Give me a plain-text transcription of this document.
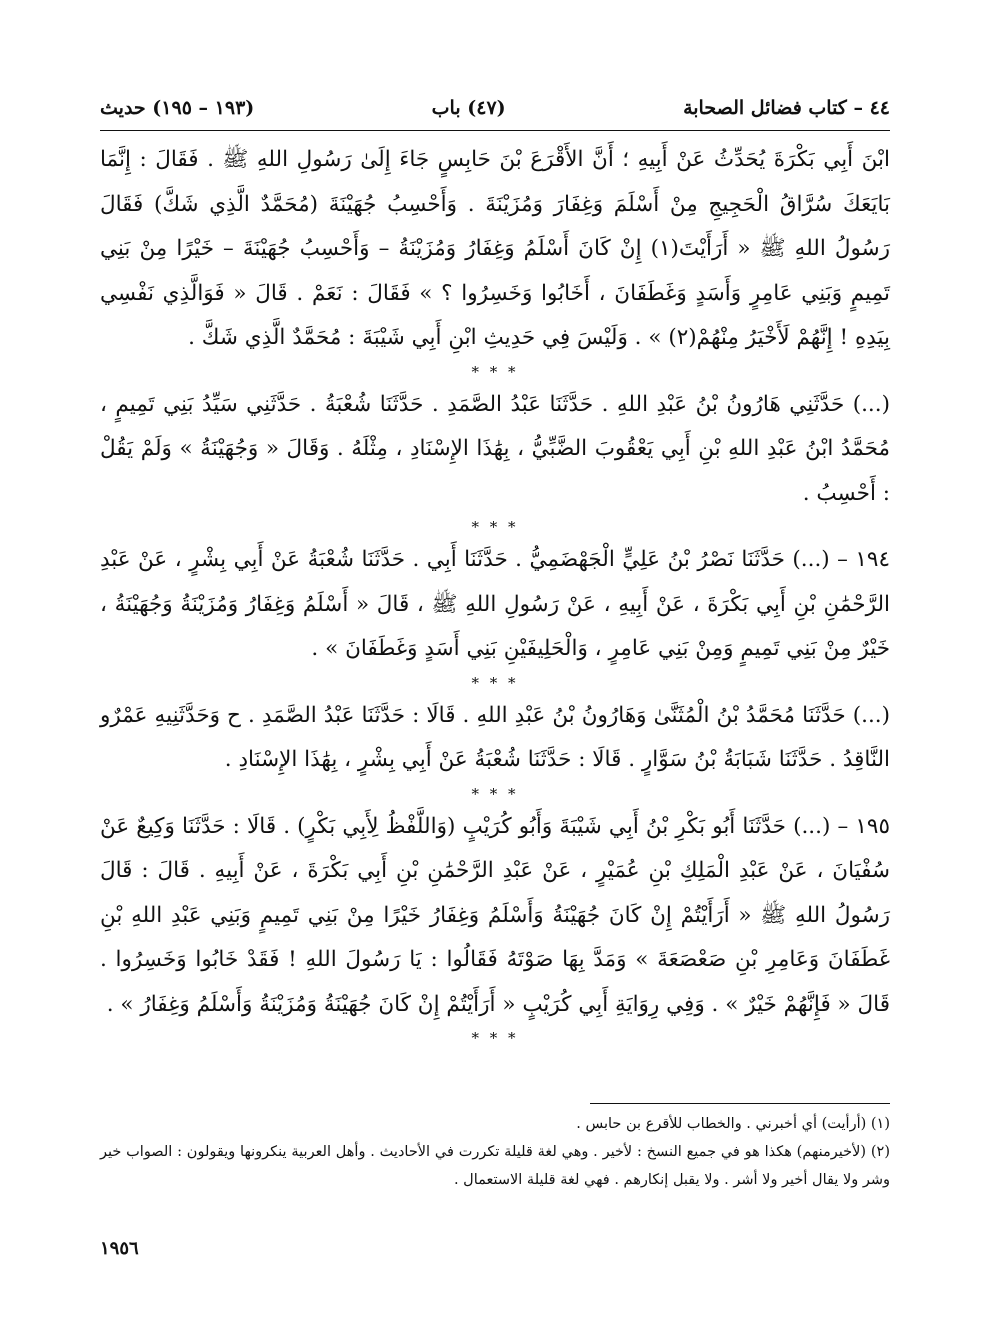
٤٤ – كتاب فضائل الصحابة
(٤٧) باب
(١٩٣ – ١٩٥) حديث

ابْنَ أَبِي بَكْرَةَ يُحَدِّثُ عَنْ أَبِيهِ ؛ أَنَّ الأَقْرَعَ بْنَ حَابِسٍ جَاءَ إِلَىٰ رَسُولِ اللهِ ﷺ . فَقَالَ : إِنَّمَا بَايَعَكَ سُرَّاقُ الْحَجِيجِ مِنْ أَسْلَمَ وَغِفَارَ وَمُزَيْنَةَ . وَأَحْسِبُ جُهَيْنَةَ (مُحَمَّدٌ الَّذِي شَكَّ) فَقَالَ رَسُولُ اللهِ ﷺ « أَرَأَيْتَ(١) إِنْ كَانَ أَسْلَمُ وَغِفَارُ وَمُزَيْنَةُ – وَأَحْسِبُ جُهَيْنَةَ – خَيْرًا مِنْ بَنِي تَمِيمٍ وَبَنِي عَامِرٍ وَأَسَدٍ وَغَطَفَانَ ، أَخَابُوا وَخَسِرُوا ؟ » فَقَالَ : نَعَمْ . قَالَ « فَوَالَّذِي نَفْسِي بِيَدِهِ ! إِنَّهُمْ لَأَخْيَرُ مِنْهُمْ(٢) » . وَلَيْسَ فِي حَدِيثِ ابْنِ أَبِي شَيْبَةَ : مُحَمَّدٌ الَّذِي شَكَّ .

* * *

(...) حَدَّثَنِي هَارُونُ بْنُ عَبْدِ اللهِ . حَدَّثَنَا عَبْدُ الصَّمَدِ . حَدَّثَنَا شُعْبَةُ . حَدَّثَنِي سَيِّدُ بَنِي تَمِيمٍ ، مُحَمَّدُ ابْنُ عَبْدِ اللهِ بْنِ أَبِي يَعْقُوبَ الضَّبِّيُّ ، بِهَٰذَا الإِسْنَادِ ، مِثْلَهُ . وَقَالَ « وَجُهَيْنَةُ » وَلَمْ يَقُلْ : أَحْسِبُ .

* * *

١٩٤ – (...) حَدَّثَنَا نَصْرُ بْنُ عَلِيٍّ الْجَهْضَمِيُّ . حَدَّثَنَا أَبِي . حَدَّثَنَا شُعْبَةُ عَنْ أَبِي بِشْرٍ ، عَنْ عَبْدِ الرَّحْمَٰنِ بْنِ أَبِي بَكْرَةَ ، عَنْ أَبِيهِ ، عَنْ رَسُولِ اللهِ ﷺ ، قَالَ « أَسْلَمُ وَغِفَارُ وَمُزَيْنَةُ وَجُهَيْنَةُ ، خَيْرٌ مِنْ بَنِي تَمِيمٍ وَمِنْ بَنِي عَامِرٍ ، وَالْحَلِيفَيْنِ بَنِي أَسَدٍ وَغَطَفَانَ » .

* * *

(...) حَدَّثَنَا مُحَمَّدُ بْنُ الْمُثَنَّىٰ وَهَارُونُ بْنُ عَبْدِ اللهِ . قَالَا : حَدَّثَنَا عَبْدُ الصَّمَدِ . ح وَحَدَّثَنِيهِ عَمْرٌو النَّاقِدُ . حَدَّثَنَا شَبَابَةُ بْنُ سَوَّارٍ . قَالَا : حَدَّثَنَا شُعْبَةُ عَنْ أَبِي بِشْرٍ ، بِهَٰذَا الإِسْنَادِ .

* * *

١٩٥ – (...) حَدَّثَنَا أَبُو بَكْرِ بْنُ أَبِي شَيْبَةَ وَأَبُو كُرَيْبٍ (وَاللَّفْظُ لِأَبِي بَكْرٍ) . قَالَا : حَدَّثَنَا وَكِيعٌ عَنْ سُفْيَانَ ، عَنْ عَبْدِ الْمَلِكِ بْنِ عُمَيْرٍ ، عَنْ عَبْدِ الرَّحْمَٰنِ بْنِ أَبِي بَكْرَةَ ، عَنْ أَبِيهِ . قَالَ : قَالَ رَسُولُ اللهِ ﷺ « أَرَأَيْتُمْ إِنْ كَانَ جُهَيْنَةُ وَأَسْلَمُ وَغِفَارُ خَيْرًا مِنْ بَنِي تَمِيمٍ وَبَنِي عَبْدِ اللهِ بْنِ غَطَفَانَ وَعَامِرِ بْنِ صَعْصَعَةَ » وَمَدَّ بِهَا صَوْتَهُ فَقَالُوا : يَا رَسُولَ اللهِ ! فَقَدْ خَابُوا وَخَسِرُوا . قَالَ « فَإِنَّهُمْ خَيْرٌ » . وَفِي رِوَايَةِ أَبِي كُرَيْبٍ « أَرَأَيْتُمْ إِنْ كَانَ جُهَيْنَةُ وَمُزَيْنَةُ وَأَسْلَمُ وَغِفَارُ » .

* * *

(١) (أرأيت) أي أخبرني . والخطاب للأقرع بن حابس .

(٢) (لأخيرمنهم) هكذا هو في جميع النسخ : لأخير . وهي لغة قليلة تكررت في الأحاديث . وأهل العربية ينكرونها ويقولون : الصواب خير وشر ولا يقال أخير ولا أشر . ولا يقبل إنكارهم . فهي لغة قليلة الاستعمال .

١٩٥٦
